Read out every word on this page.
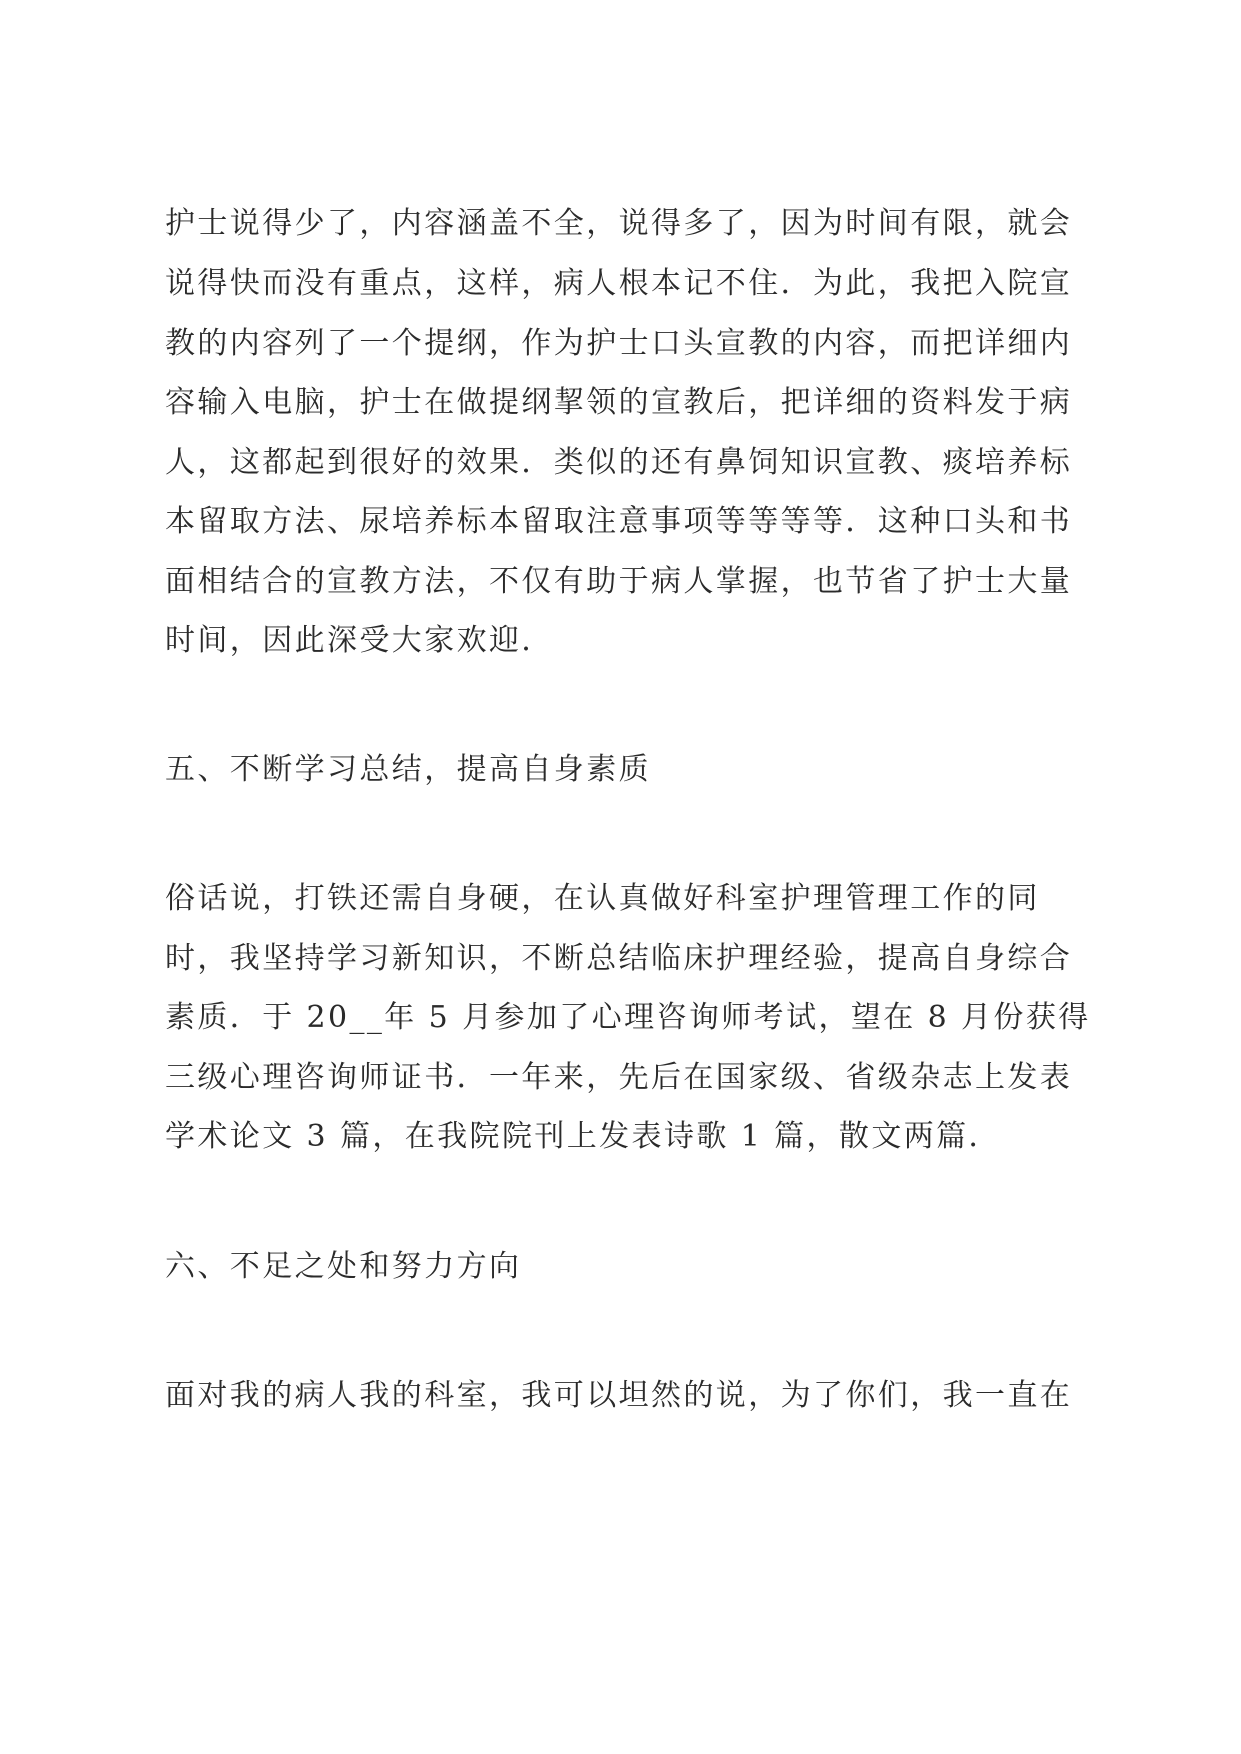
护士说得少了，内容涵盖不全，说得多了，因为时间有限，就会
说得快而没有重点，这样，病人根本记不住．为此，我把入院宣
教的内容列了一个提纲，作为护士口头宣教的内容，而把详细内
容输入电脑，护士在做提纲挈领的宣教后，把详细的资料发于病
人，这都起到很好的效果．类似的还有鼻饲知识宣教、痰培养标
本留取方法、尿培养标本留取注意事项等等等等．这种口头和书
面相结合的宣教方法，不仅有助于病人掌握，也节省了护士大量
时间，因此深受大家欢迎．
五、不断学习总结，提高自身素质
俗话说，打铁还需自身硬，在认真做好科室护理管理工作的同
时，我坚持学习新知识，不断总结临床护理经验，提高自身综合
素质．于 20__年 5 月参加了心理咨询师考试，望在 8 月份获得
三级心理咨询师证书．一年来，先后在国家级、省级杂志上发表
学术论文 3 篇，在我院院刊上发表诗歌 1 篇，散文两篇．
六、不足之处和努力方向
面对我的病人我的科室，我可以坦然的说，为了你们，我一直在
